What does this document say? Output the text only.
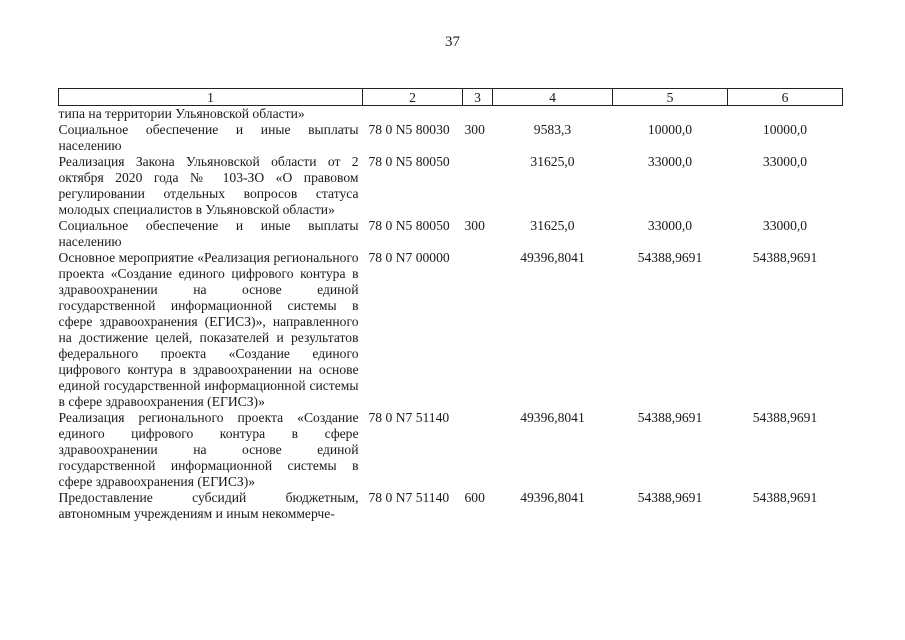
37
1	2	3	4	5	6
типа на территории Ульяновской области»					
Социальное обеспечение и иные выплаты населению	78 0 N5 80030	300	9583,3	10000,0	10000,0
Реализация Закона Ульяновской области от 2 октября 2020 года № 103-ЗО «О правовом регулировании отдельных вопросов статуса молодых специалистов в Ульяновской области»	78 0 N5 80050		31625,0	33000,0	33000,0
Социальное обеспечение и иные выплаты населению	78 0 N5 80050	300	31625,0	33000,0	33000,0
Основное мероприятие «Реализация регионального проекта «Создание единого цифрового контура в здравоохранении на основе единой государственной информационной системы в сфере здравоохранения (ЕГИСЗ)», направленного на достижение целей, показателей и результатов федерального проекта «Создание единого цифрового контура в здравоохранении на основе единой государственной информационной системы в сфере здравоохранения (ЕГИСЗ)»	78 0 N7 00000		49396,8041	54388,9691	54388,9691
Реализация регионального проекта «Создание единого цифрового контура в сфере здравоохранении на основе единой государственной информационной системы в сфере здравоохранения (ЕГИСЗ)»	78 0 N7 51140		49396,8041	54388,9691	54388,9691
Предоставление субсидий бюджетным, автономным учреждениям и иным некоммерче-	78 0 N7 51140	600	49396,8041	54388,9691	54388,9691
